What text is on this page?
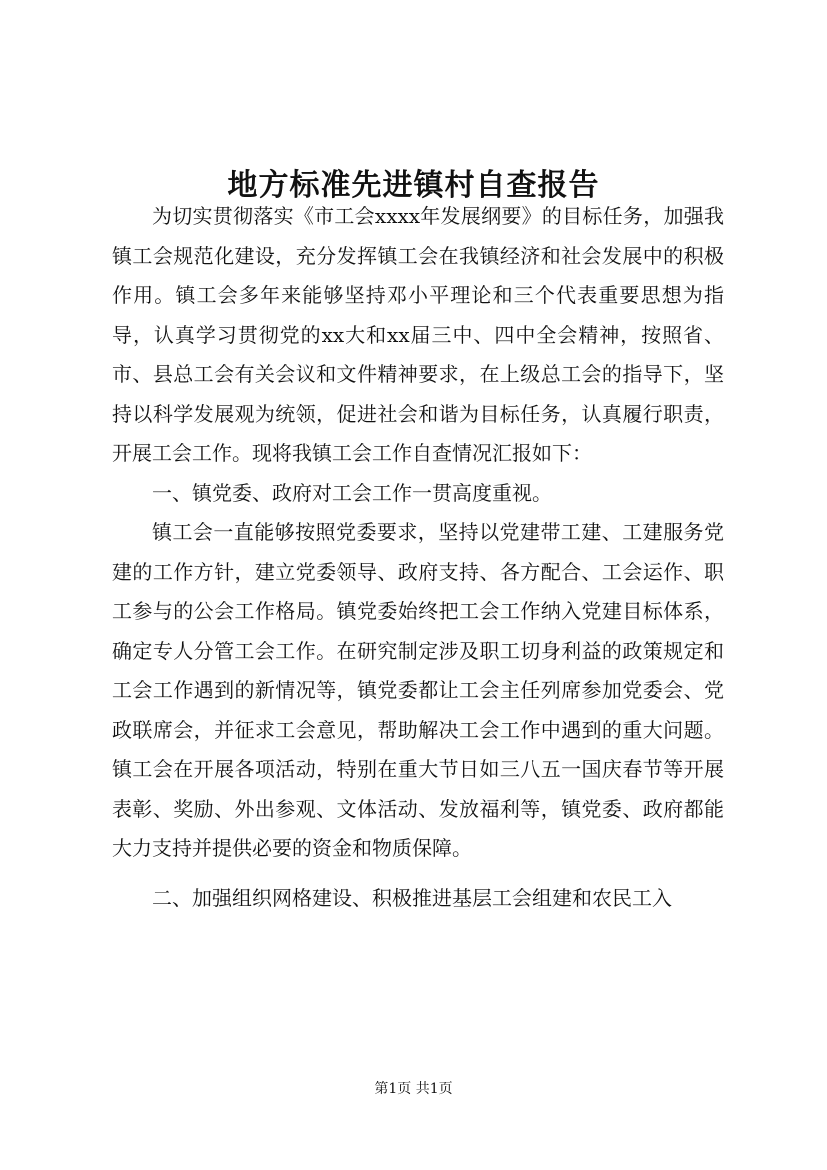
地方标准先进镇村自查报告

为切实贯彻落实《市工会xxxx年发展纲要》的目标任务，加强我镇工会规范化建设，充分发挥镇工会在我镇经济和社会发展中的积极作用。镇工会多年来能够坚持邓小平理论和三个代表重要思想为指导，认真学习贯彻党的xx大和xx届三中、四中全会精神，按照省、市、县总工会有关会议和文件精神要求，在上级总工会的指导下，坚持以科学发展观为统领，促进社会和谐为目标任务，认真履行职责，开展工会工作。现将我镇工会工作自查情况汇报如下：

一、镇党委、政府对工会工作一贯高度重视。

镇工会一直能够按照党委要求，坚持以党建带工建、工建服务党建的工作方针，建立党委领导、政府支持、各方配合、工会运作、职工参与的公会工作格局。镇党委始终把工会工作纳入党建目标体系，确定专人分管工会工作。在研究制定涉及职工切身利益的政策规定和工会工作遇到的新情况等，镇党委都让工会主任列席参加党委会、党政联席会，并征求工会意见，帮助解决工会工作中遇到的重大问题。镇工会在开展各项活动，特别在重大节日如三八五一国庆春节等开展表彰、奖励、外出参观、文体活动、发放福利等，镇党委、政府都能大力支持并提供必要的资金和物质保障。

二、加强组织网格建设、积极推进基层工会组建和农民工入

第1页 共1页
